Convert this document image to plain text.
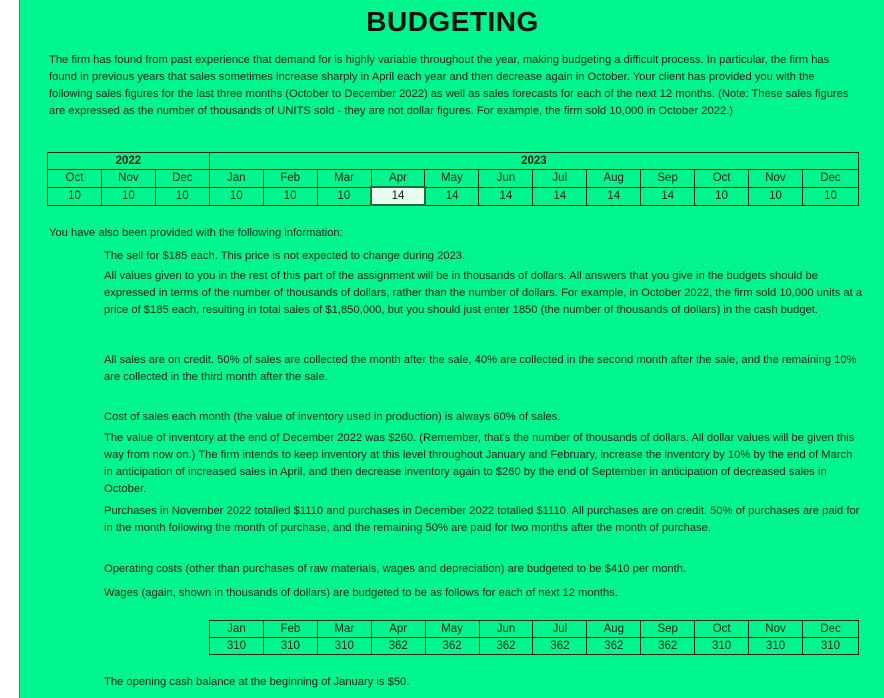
BUDGETING

The firm has found from past experience that demand for is highly variable throughout the year, making budgeting a difficult process. In particular, the firm has found in previous years that sales sometimes increase sharply in April each year and then decrease again in October. Your client has provided you with the following sales figures for the last three months (October to December 2022) as well as sales forecasts for each of the next 12 months. (Note: These sales figures are expressed as the number of thousands of UNITS sold - they are not dollar figures. For example, the firm sold 10,000 in October 2022.)

2022			2023											
Oct	Nov	Dec	Jan	Feb	Mar	Apr	May	Jun	Jul	Aug	Sep	Oct	Nov	Dec
10	10	10	10	10	10	14	14	14	14	14	14	10	10	10

You have also been provided with the following information:

The sell for $185 each. This price is not expected to change during 2023.

All values given to you in the rest of this part of the assignment will be in thousands of dollars. All answers that you give in the budgets should be expressed in terms of the number of thousands of dollars, rather than the number of dollars. For example, in October 2022, the firm sold 10,000 units at a price of $185 each, resulting in total sales of $1,850,000, but you should just enter 1850 (the number of thousands of dollars) in the cash budget.

All sales are on credit. 50% of sales are collected the month after the sale, 40% are collected in the second month after the sale, and the remaining 10% are collected in the third month after the sale.

Cost of sales each month (the value of inventory used in production) is always 60% of sales.

The value of inventory at the end of December 2022 was $260. (Remember, that's the number of thousands of dollars. All dollar values will be given this way from now on.) The firm intends to keep inventory at this level throughout January and February, increase the inventory by 10% by the end of March in anticipation of increased sales in April, and then decrease inventory again to $260 by the end of September in anticipation of decreased sales in October.

Purchases in November 2022 totalled $1110 and purchases in December 2022 totalled $1110. All purchases are on credit. 50% of purchases are paid for in the month following the month of purchase, and the remaining 50% are paid for two months after the month of purchase.

Operating costs (other than purchases of raw materials, wages and depreciation) are budgeted to be $410 per month.

Wages (again, shown in thousands of dollars) are budgeted to be as follows for each of next 12 months.

Jan	Feb	Mar	Apr	May	Jun	Jul	Aug	Sep	Oct	Nov	Dec
310	310	310	362	362	362	362	362	362	310	310	310

The opening cash balance at the beginning of January is $50.
